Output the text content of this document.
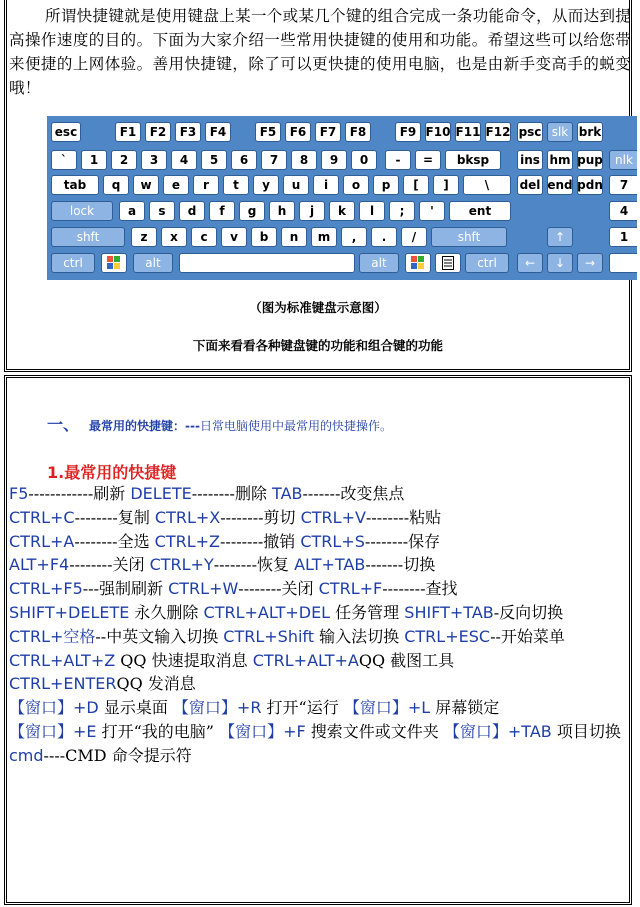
所谓快捷键就是使用键盘上某一个或某几个键的组合完成一条功能命令，从而达到提高操作速度的目的。下面为大家介绍一些常用快捷键的使用和功能。希望这些可以给您带来便捷的上网体验。善用快捷键，除了可以更快捷的使用电脑，也是由新手变高手的蜕变哦！

esc	F1	F2	F3	F4	F5	F6	F7	F8	F9 F10 F11 F12 psc slk brk
`	1	2	3	4	5	6	7	8	9	0	-	=	bksp	ins hm pup	nlk
tab	q	w	e	r	t	y	u	i	o	p	[	]	\	del end pdn	7
lock	a	s	d	f	g	h	j	k	l	;	'	ent	4
shft	z	x	c	v	b	n	m	,	.	/	shft	↑	1
ctrl	alt	alt	ctrl	←	↓	→
（图为标准键盘示意图）
下面来看看各种键盘键的功能和组合键的功能
一、 最常用的快捷键：---日常电脑使用中最常用的快捷操作。
1.最常用的快捷键
F5------------刷新 DELETE--------删除 TAB-------改变焦点
CTRL+C--------复制 CTRL+X--------剪切 CTRL+V--------粘贴
CTRL+A--------全选 CTRL+Z--------撤销 CTRL+S--------保存
ALT+F4--------关闭 CTRL+Y--------恢复 ALT+TAB-------切换
CTRL+F5---强制刷新 CTRL+W--------关闭 CTRL+F--------查找
SHIFT+DELETE 永久删除 CTRL+ALT+DEL 任务管理 SHIFT+TAB-反向切换
CTRL+空格--中英文输入切换 CTRL+Shift 输入法切换 CTRL+ESC--开始菜单
CTRL+ALT+Z QQ 快速提取消息 CTRL+ALT+AQQ 截图工具
CTRL+ENTERQQ 发消息
【窗口】+D 显示桌面 【窗口】+R 打开“运行 【窗口】+L 屏幕锁定
【窗口】+E 打开“我的电脑” 【窗口】+F 搜索文件或文件夹 【窗口】+TAB 项目切换
cmd----CMD 命令提示符
